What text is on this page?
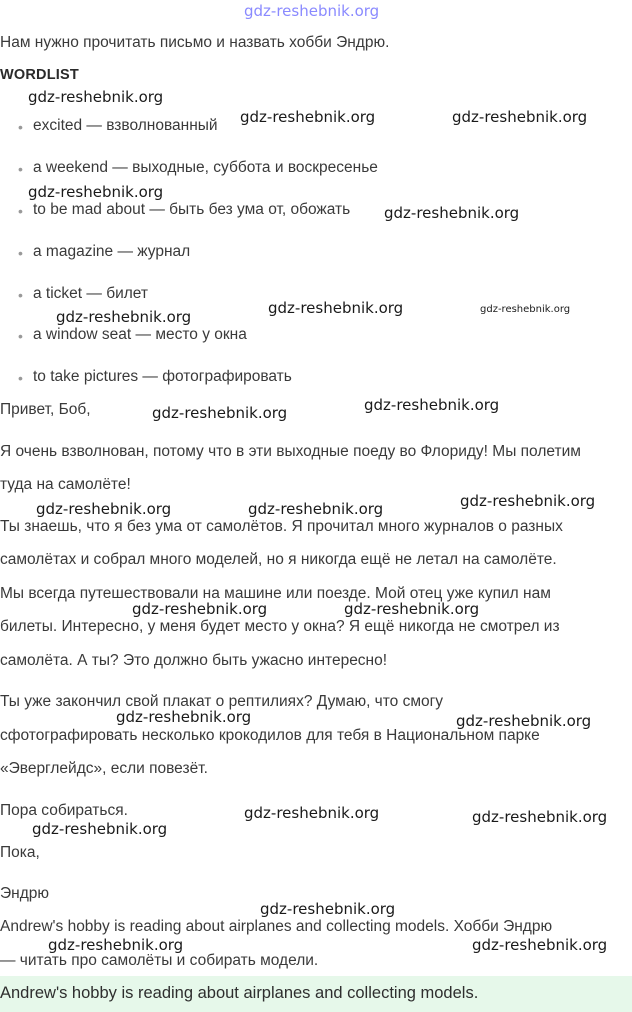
gdz-reshebnik.org
Нам нужно прочитать письмо и назвать хобби Эндрю.
WORDLIST
• excited — взволнованный
• a weekend — выходные, суббота и воскресенье
• to be mad about — быть без ума от, обожать
• a magazine — журнал
• a ticket — билет
• a window seat — место у окна
• to take pictures — фотографировать
Привет, Боб,
Я очень взволнован, потому что в эти выходные поеду во Флориду! Мы полетим
туда на самолёте!
Ты знаешь, что я без ума от самолётов. Я прочитал много журналов о разных
самолётах и собрал много моделей, но я никогда ещё не летал на самолёте.
Мы всегда путешествовали на машине или поезде. Мой отец уже купил нам
билеты. Интересно, у меня будет место у окна? Я ещё никогда не смотрел из
самолёта. А ты? Это должно быть ужасно интересно!
Ты уже закончил свой плакат о рептилиях? Думаю, что смогу
сфотографировать несколько крокодилов для тебя в Национальном парке
«Эверглейдс», если повезёт.
Пора собираться.
Пока,
Эндрю
Andrew's hobby is reading about airplanes and collecting models. Хобби Эндрю
— читать про самолёты и собирать модели.
Andrew's hobby is reading about airplanes and collecting models.
gdz-reshebnik.org
gdz-reshebnik.org	gdz-reshebnik.org
gdz-reshebnik.org
gdz-reshebnik.org
gdz-reshebnik.org	gdz-reshebnik.org
gdz-reshebnik.org
gdz-reshebnik.org
gdz-reshebnik.org
gdz-reshebnik.org
gdz-reshebnik.org	gdz-reshebnik.org
gdz-reshebnik.org	gdz-reshebnik.org
gdz-reshebnik.org	gdz-reshebnik.org
gdz-reshebnik.org	gdz-reshebnik.org
gdz-reshebnik.org
gdz-reshebnik.org
gdz-reshebnik.org	gdz-reshebnik.org
